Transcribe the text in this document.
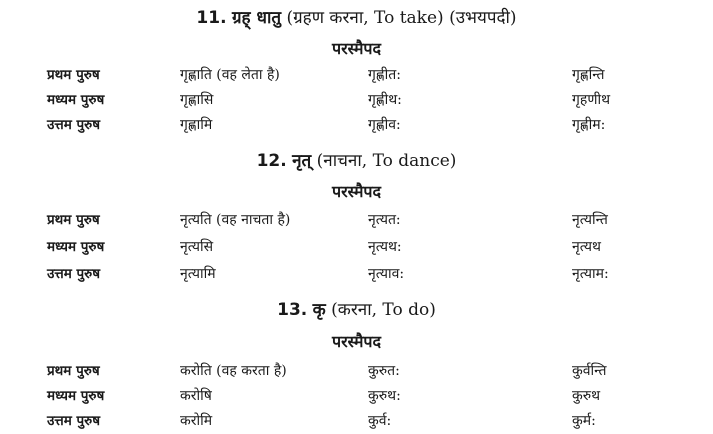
11. ग्रह् धातु (ग्रहण करना, To take) (उभयपदी)
परस्मैपद
प्रथम पुरुष	गृह्णाति (वह लेता है)	गृह्णीत:	गृह्णन्ति
मध्यम पुरुष	गृह्णासि	गृह्णीथ:	गृहणीथ
उत्तम पुरुष	गृह्णामि	गृह्णीव:	गृह्णीम:
12. नृत् (नाचना, To dance)
परस्मैपद
प्रथम पुरुष	नृत्यति (वह नाचता है)	नृत्यत:	नृत्यन्ति
मध्यम पुरुष	नृत्यसि	नृत्यथ:	नृत्यथ
उत्तम पुरुष	नृत्यामि	नृत्याव:	नृत्याम:
13. कृ (करना, To do)
परस्मैपद
प्रथम पुरुष	करोति (वह करता है)	कुरुत:	कुर्वन्ति
मध्यम पुरुष	करोषि	कुरुथ:	कुरुथ
उत्तम पुरुष	करोमि	कुर्व:	कुर्म:
